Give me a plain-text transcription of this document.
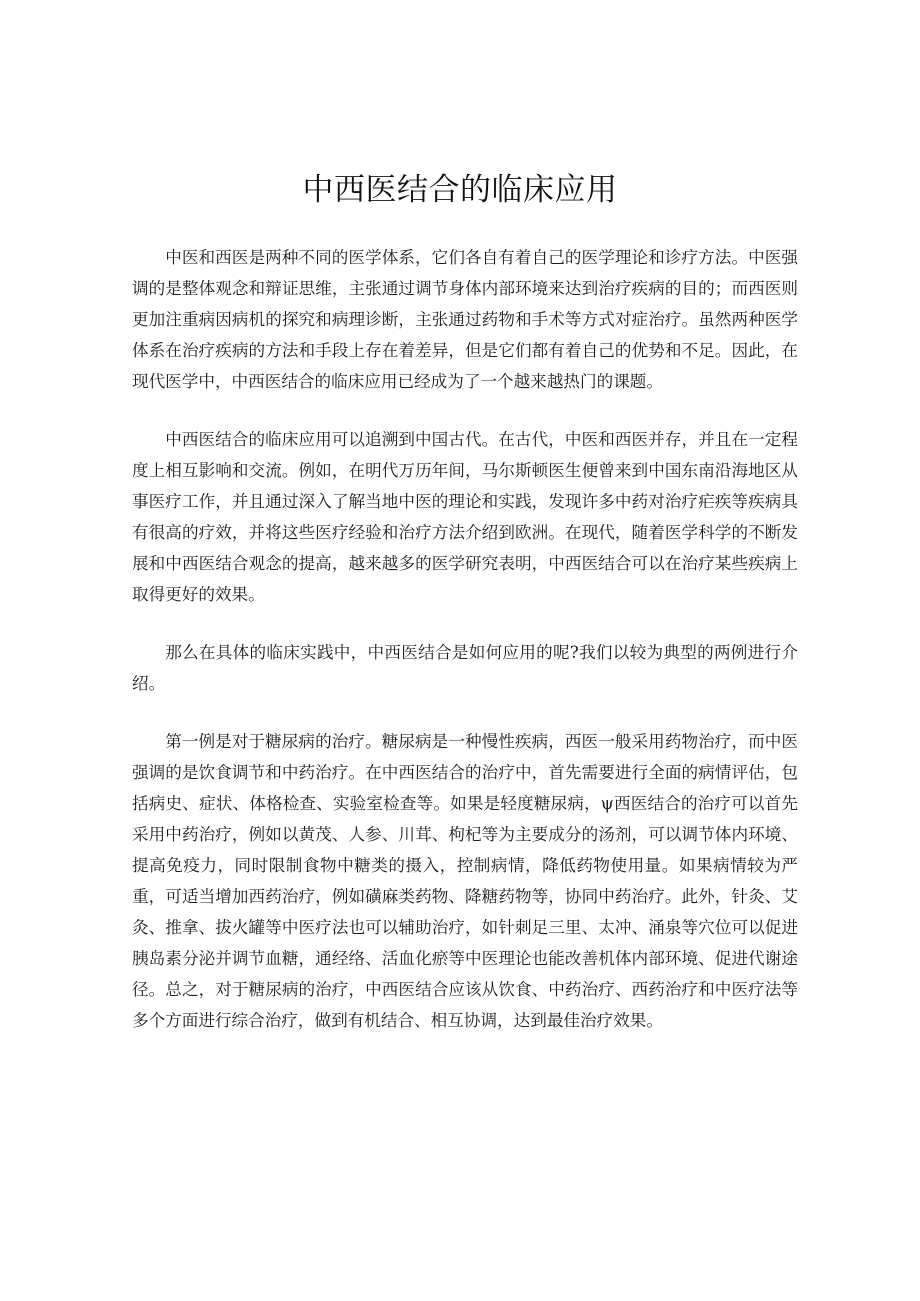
中西医结合的临床应用

中医和西医是两种不同的医学体系，它们各自有着自己的医学理论和诊疗方法。中医强调的是整体观念和辩证思维，主张通过调节身体内部环境来达到治疗疾病的目的；而西医则更加注重病因病机的探究和病理诊断，主张通过药物和手术等方式对症治疗。虽然两种医学体系在治疗疾病的方法和手段上存在着差异，但是它们都有着自己的优势和不足。因此，在现代医学中，中西医结合的临床应用已经成为了一个越来越热门的课题。

中西医结合的临床应用可以追溯到中国古代。在古代，中医和西医并存，并且在一定程度上相互影响和交流。例如，在明代万历年间，马尔斯顿医生便曾来到中国东南沿海地区从事医疗工作，并且通过深入了解当地中医的理论和实践，发现许多中药对治疗疟疾等疾病具有很高的疗效，并将这些医疗经验和治疗方法介绍到欧洲。在现代，随着医学科学的不断发展和中西医结合观念的提高，越来越多的医学研究表明，中西医结合可以在治疗某些疾病上取得更好的效果。

那么在具体的临床实践中，中西医结合是如何应用的呢?我们以较为典型的两例进行介绍。

第一例是对于糖尿病的治疗。糖尿病是一种慢性疾病，西医一般采用药物治疗，而中医强调的是饮食调节和中药治疗。在中西医结合的治疗中，首先需要进行全面的病情评估，包括病史、症状、体格检查、实验室检查等。如果是轻度糖尿病，ψ西医结合的治疗可以首先采用中药治疗，例如以黄茂、人参、川茸、枸杞等为主要成分的汤剂，可以调节体内环境、提高免疫力，同时限制食物中糖类的摄入，控制病情，降低药物使用量。如果病情较为严重，可适当增加西药治疗，例如磺麻类药物、降糖药物等，协同中药治疗。此外，针灸、艾灸、推拿、拔火罐等中医疗法也可以辅助治疗，如针刺足三里、太冲、涌泉等穴位可以促进胰岛素分泌并调节血糖，通经络、活血化瘀等中医理论也能改善机体内部环境、促进代谢途径。总之，对于糖尿病的治疗，中西医结合应该从饮食、中药治疗、西药治疗和中医疗法等多个方面进行综合治疗，做到有机结合、相互协调，达到最佳治疗效果。
